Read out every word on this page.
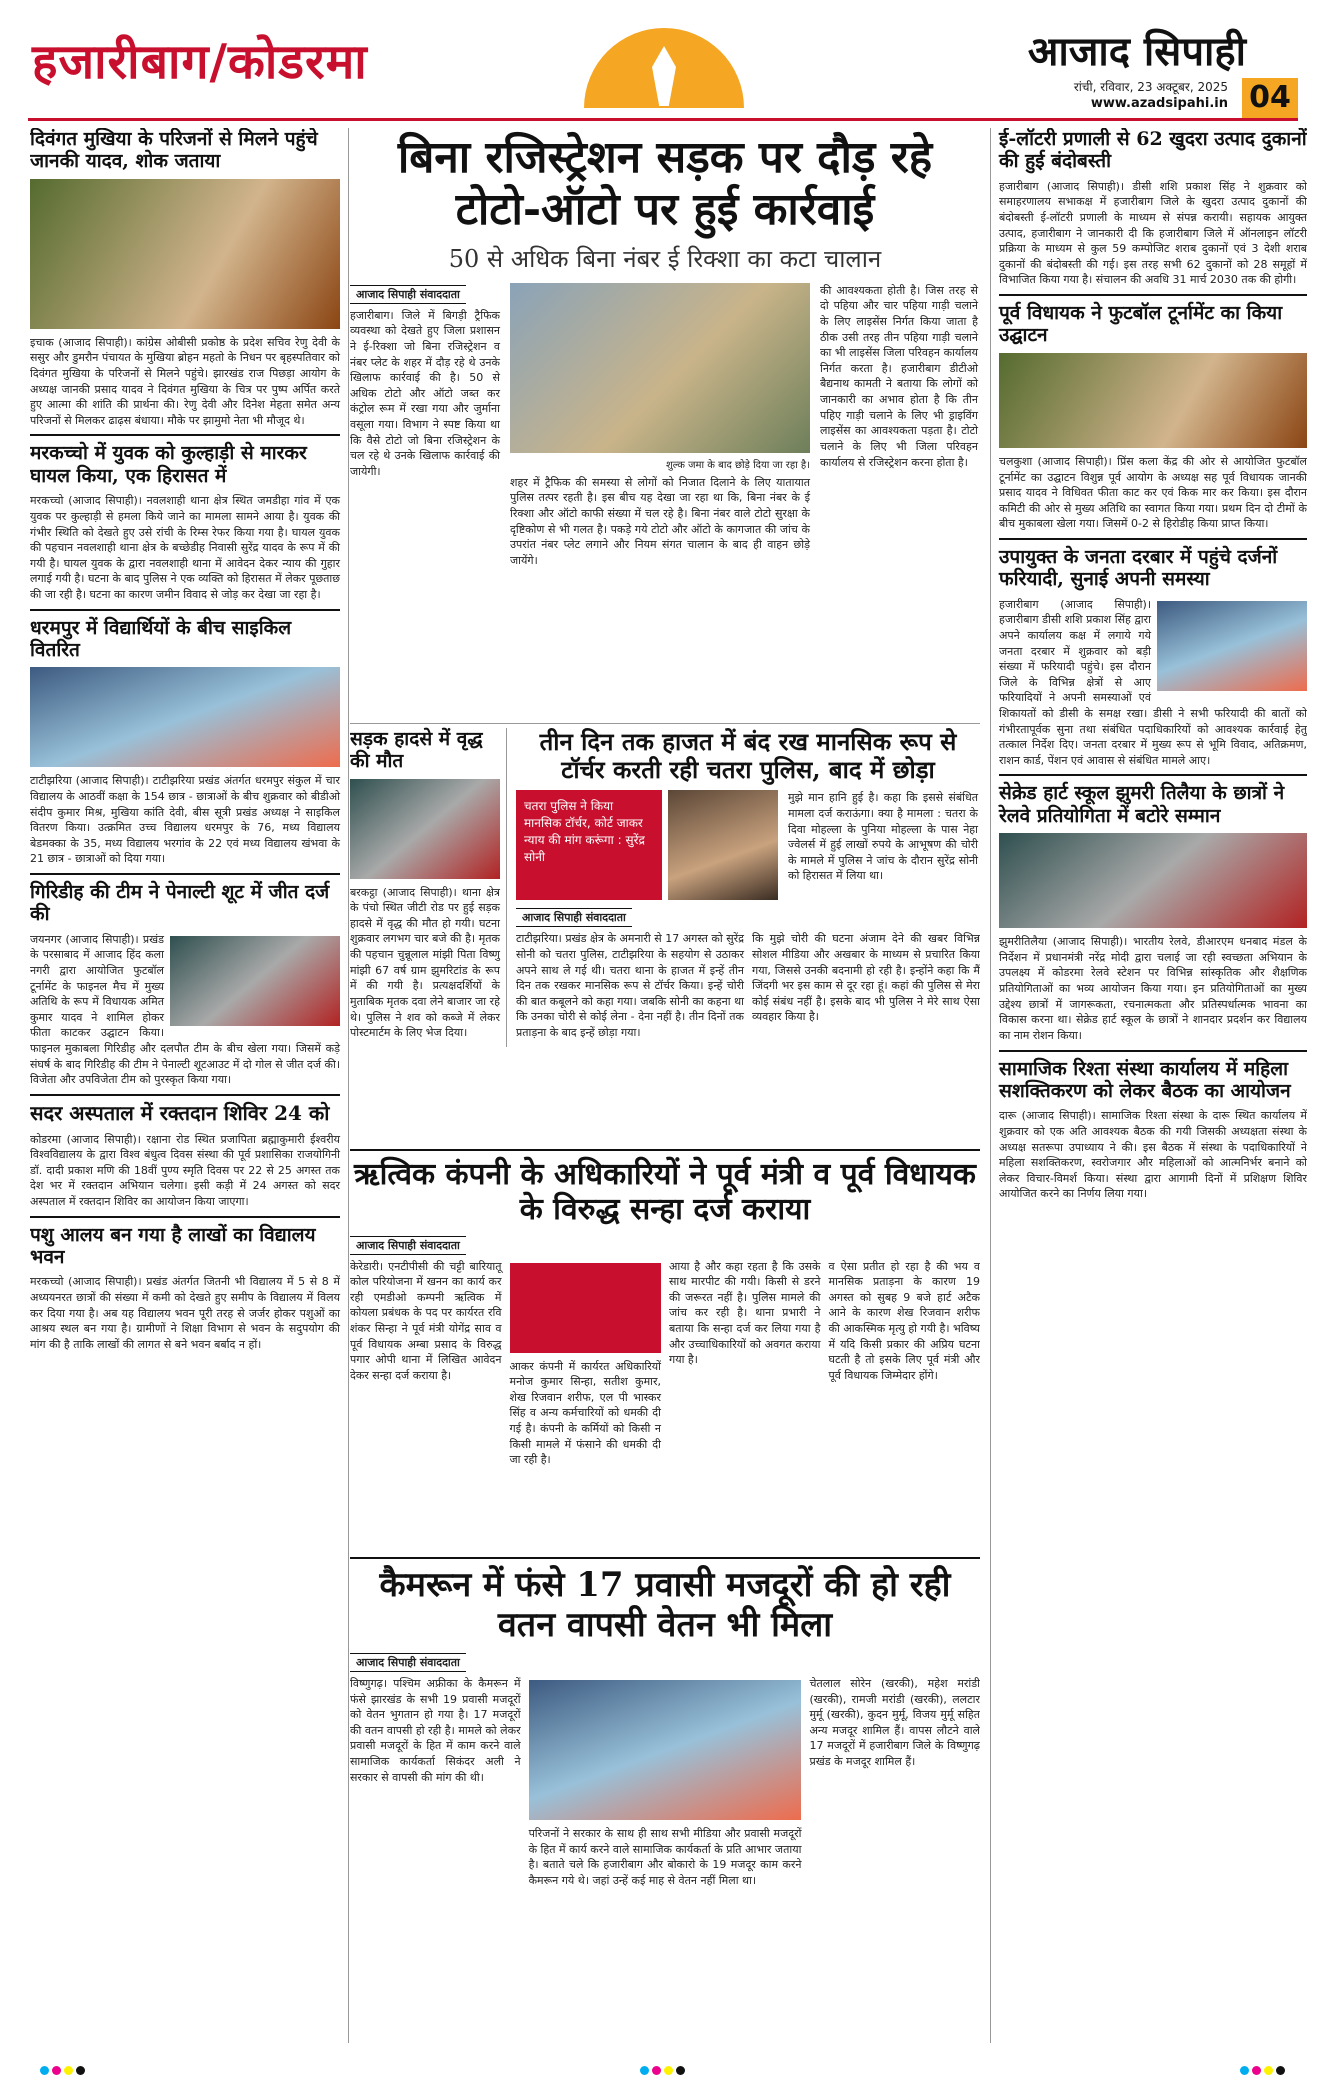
हजारीबाग/कोडरमा	आजाद सिपाही
रांची, रविवार, 23 अक्टूबर, 2025
www.azadsipahi.in 04
दिवंगत मुखिया के परिजनों से मिलने पहुंचे जानकी यादव, शोक जताया
इचाक (आजाद सिपाही)। कांग्रेस ओबीसी प्रकोष्ठ के प्रदेश सचिव रेणु देवी के ससुर और डुमरौन पंचायत के मुखिया ब्रोहन महतो के निधन पर बृहस्पतिवार को दिवंगत मुखिया के परिजनों से मिलने पहुंचे। झारखंड राज पिछड़ा आयोग के अध्यक्ष जानकी प्रसाद यादव ने दिवंगत मुखिया के चित्र पर पुष्प अर्पित करते हुए आत्मा की शांति की प्रार्थना की। रेणु देवी और दिनेश मेहता समेत अन्य परिजनों से मिलकर ढाढ़स बंधाया। मौके पर झामुमो नेता भी मौजूद थे।
मरकच्चो में युवक को कुल्हाड़ी से मारकर घायल किया, एक हिरासत में
मरकच्चो (आजाद सिपाही)। नवलशाही थाना क्षेत्र स्थित जमडीहा गांव में एक युवक पर कुल्हाड़ी से हमला किये जाने का मामला सामने आया है। युवक की गंभीर स्थिति को देखते हुए उसे रांची के रिम्स रेफर किया गया है। घायल युवक की पहचान नवलशाही थाना क्षेत्र के बच्छेडीह निवासी सुरेंद्र यादव के रूप में की गयी है। घायल युवक के द्वारा नवलशाही थाना में आवेदन देकर न्याय की गुहार लगाई गयी है। घटना के बाद पुलिस ने एक व्यक्ति को हिरासत में लेकर पूछताछ की जा रही है। घटना का कारण जमीन विवाद से जोड़ कर देखा जा रहा है।
धरमपुर में विद्यार्थियों के बीच साइकिल वितरित
टाटीझरिया (आजाद सिपाही)। टाटीझरिया प्रखंड अंतर्गत धरमपुर संकुल में चार विद्यालय के आठवीं कक्षा के 154 छात्र - छात्राओं के बीच शुक्रवार को बीडीओ संदीप कुमार मिश्र, मुखिया कांति देवी, बीस सूत्री प्रखंड अध्यक्ष ने साइकिल वितरण किया। उत्क्रमित उच्च विद्यालय धरमपुर के 76, मध्य विद्यालय बेडमक्का के 35, मध्य विद्यालय भरगांव के 22 एवं मध्य विद्यालय खंभवा के 21 छात्र - छात्राओं को दिया गया।
गिरिडीह की टीम ने पेनाल्टी शूट में जीत दर्ज की
जयनगर (आजाद सिपाही)। प्रखंड के परसाबाद में आजाद हिंद कला नगरी द्वारा आयोजित फुटबॉल टूर्नामेंट के फाइनल मैच में मुख्य अतिथि के रूप में विधायक अमित कुमार यादव ने शामिल होकर फीता काटकर उद्घाटन किया। फाइनल मुकाबला गिरिडीह और दलपौत टीम के बीच खेला गया। जिसमें कड़े संघर्ष के बाद गिरिडीह की टीम ने पेनाल्टी शूटआउट में दो गोल से जीत दर्ज की। विजेता और उपविजेता टीम को पुरस्कृत किया गया।
सदर अस्पताल में रक्तदान शिविर 24 को
कोडरमा (आजाद सिपाही)। रक्षाना रोड स्थित प्रजापिता ब्रह्माकुमारी ईश्वरीय विश्वविद्यालय के द्वारा विश्व बंधुत्व दिवस संस्था की पूर्व प्रशासिका राजयोगिनी डॉ. दादी प्रकाश मणि की 18वीं पुण्य स्मृति दिवस पर 22 से 25 अगस्त तक देश भर में रक्तदान अभियान चलेगा। इसी कड़ी में 24 अगस्त को सदर अस्पताल में रक्तदान शिविर का आयोजन किया जाएगा।
पशु आलय बन गया है लाखों का विद्यालय भवन
मरकच्चो (आजाद सिपाही)। प्रखंड अंतर्गत जितनी भी विद्यालय में 5 से 8 में अध्ययनरत छात्रों की संख्या में कमी को देखते हुए समीप के विद्यालय में विलय कर दिया गया है। अब यह विद्यालय भवन पूरी तरह से जर्जर होकर पशुओं का आश्रय स्थल बन गया है। ग्रामीणों ने शिक्षा विभाग से भवन के सदुपयोग की मांग की है ताकि लाखों की लागत से बने भवन बर्बाद न हों।
बिना रजिस्ट्रेशन सड़क पर दौड़ रहे टोटो-ऑटो पर हुई कार्रवाई
50 से अधिक बिना नंबर ई रिक्शा का कटा चालान
आजाद सिपाही संवाददाता
हजारीबाग। जिले में बिगड़ी ट्रैफिक व्यवस्था को देखते हुए जिला प्रशासन ने ई-रिक्शा जो बिना रजिस्ट्रेशन व नंबर प्लेट के शहर में दौड़ रहे थे उनके खिलाफ कार्रवाई की है। 50 से अधिक टोटो और ऑटो जब्त कर कंट्रोल रूम में रखा गया और जुर्माना वसूला गया। विभाग ने स्पष्ट किया था कि वैसे टोटो जो बिना रजिस्ट्रेशन के चल रहे थे उनके खिलाफ कार्रवाई की जायेगी।	शुल्क जमा के बाद छोड़े दिया जा रहा है।
शहर में ट्रैफिक की समस्या से लोगों को निजात दिलाने के लिए यातायात पुलिस तत्पर रहती है। इस बीच यह देखा जा रहा था कि, बिना नंबर के ई रिक्शा और ऑटो काफी संख्या में चल रहे है। बिना नंबर वाले टोटो सुरक्षा के दृष्टिकोण से भी गलत है। पकड़े गये टोटो और ऑटो के कागजात की जांच के उपरांत नंबर प्लेट लगाने और नियम संगत चालान के बाद ही वाहन छोड़े जायेंगे।
की आवश्यकता होती है। जिस तरह से दो पहिया और चार पहिया गाड़ी चलाने के लिए लाइसेंस निर्गत किया जाता है ठीक उसी तरह तीन पहिया गाड़ी चलाने का भी लाइसेंस जिला परिवहन कार्यालय निर्गत करता है। हजारीबाग डीटीओ बैद्यनाथ कामती ने बताया कि लोगों को जानकारी का अभाव होता है कि तीन पहिए गाड़ी चलाने के लिए भी ड्राइविंग लाइसेंस का आवश्यकता पड़ता है। टोटो चलाने के लिए भी जिला परिवहन कार्यालय से रजिस्ट्रेशन करना होता है।
सड़क हादसे में वृद्ध की मौत
बरकट्ठा (आजाद सिपाही)। थाना क्षेत्र के पंचो स्थित जीटी रोड पर हुई सड़क हादसे में वृद्ध की मौत हो गयी। घटना शुक्रवार लगभग चार बजे की है। मृतक की पहचान चुन्नूलाल मांझी पिता विष्णु मांझी 67 वर्ष ग्राम झुमरिटांड के रूप में की गयी है। प्रत्यक्षदर्शियों के मुताबिक मृतक दवा लेने बाजार जा रहे थे। पुलिस ने शव को कब्जे में लेकर पोस्टमार्टम के लिए भेज दिया।
तीन दिन तक हाजत में बंद रख मानसिक रूप से टॉर्चर करती रही चतरा पुलिस, बाद में छोड़ा
चतरा पुलिस ने किया मानसिक टॉर्चर, कोर्ट जाकर न्याय की मांग करूंगा : सुरेंद्र सोनी
मुझे मान हानि हुई है। कहा कि इससे संबंधित मामला दर्ज कराऊंगा। क्या है मामला : चतरा के दिवा मोहल्ला के पुनिया मोहल्ला के पास नेहा ज्वेलर्स में हुई लाखों रुपये के आभूषण की चोरी के मामले में पुलिस ने जांच के दौरान सुरेंद्र सोनी को हिरासत में लिया था।
आजाद सिपाही संवाददाता
टाटीझरिया। प्रखंड क्षेत्र के अमनारी से 17 अगस्त को सुरेंद्र सोनी को चतरा पुलिस, टाटीझरिया के सहयोग से उठाकर अपने साथ ले गई थी। चतरा थाना के हाजत में इन्हें तीन दिन तक रखकर मानसिक रूप से टॉर्चर किया। इन्हें चोरी की बात कबूलने को कहा गया। जबकि सोनी का कहना था कि उनका चोरी से कोई लेना - देना नहीं है। तीन दिनों तक प्रताड़ना के बाद इन्हें छोड़ा गया।
कि मुझे चोरी की घटना अंजाम देने की खबर विभिन्न सोशल मीडिया और अखबार के माध्यम से प्रचारित किया गया, जिससे उनकी बदनामी हो रही है। इन्होंने कहा कि मैं जिंदगी भर इस काम से दूर रहा हूं। कहां की पुलिस से मेरा कोई संबंध नहीं है। इसके बाद भी पुलिस ने मेरे साथ ऐसा व्यवहार किया है।
ऋत्विक कंपनी के अधिकारियों ने पूर्व मंत्री व पूर्व विधायक के विरुद्ध सन्हा दर्ज कराया
आजाद सिपाही संवाददाता
केरेडारी। एनटीपीसी की चट्टी बारियातू कोल परियोजना में खनन का कार्य कर रही एमडीओ कम्पनी ऋत्विक में कोयला प्रबंधक के पद पर कार्यरत रवि शंकर सिन्हा ने पूर्व मंत्री योगेंद्र साव व पूर्व विधायक अम्बा प्रसाद के विरुद्ध पगार ओपी थाना में लिखित आवेदन देकर सन्हा दर्ज कराया है।
आकर कंपनी में कार्यरत अधिकारियों मनोज कुमार सिन्हा, सतीश कुमार, शेख रिजवान शरीफ, एल पी भास्कर सिंह व अन्य कर्मचारियों को धमकी दी गई है। कंपनी के कर्मियों को किसी न किसी मामले में फंसाने की धमकी दी जा रही है।
आया है और कहा रहता है कि उसके साथ मारपीट की गयी। किसी से डरने की जरूरत नहीं है। पुलिस मामले की जांच कर रही है। थाना प्रभारी ने बताया कि सन्हा दर्ज कर लिया गया है और उच्चाधिकारियों को अवगत कराया गया है।
व ऐसा प्रतीत हो रहा है की भय व मानसिक प्रताड़ना के कारण 19 अगस्त को सुबह 9 बजे हार्ट अटैक आने के कारण शेख रिजवान शरीफ की आकस्मिक मृत्यु हो गयी है। भविष्य में यदि किसी प्रकार की अप्रिय घटना घटती है तो इसके लिए पूर्व मंत्री और पूर्व विधायक जिम्मेदार होंगे।
कैमरून में फंसे 17 प्रवासी मजदूरों की हो रही वतन वापसी वेतन भी मिला
आजाद सिपाही संवाददाता
विष्णुगढ़। पश्चिम अफ्रीका के कैमरून में फंसे झारखंड के सभी 19 प्रवासी मजदूरों को वेतन भुगतान हो गया है। 17 मजदूरों की वतन वापसी हो रही है। मामले को लेकर प्रवासी मजदूरों के हित में काम करने वाले सामाजिक कार्यकर्ता सिकंदर अली ने सरकार से वापसी की मांग की थी।
परिजनों ने सरकार के साथ ही साथ सभी मीडिया और प्रवासी मजदूरों के हित में कार्य करने वाले सामाजिक कार्यकर्ता के प्रति आभार जताया है। बताते चले कि हजारीबाग और बोकारो के 19 मजदूर काम करने कैमरून गये थे। जहां उन्हें कई माह से वेतन नहीं मिला था।
चेतलाल सोरेन (खरकी), महेश मरांडी (खरकी), रामजी मरांडी (खरकी), ललटार मुर्मू (खरकी), कुदन मुर्मू, विजय मुर्मू सहित अन्य मजदूर शामिल हैं। वापस लौटने वाले 17 मजदूरों में हजारीबाग जिले के विष्णुगढ़ प्रखंड के मजदूर शामिल हैं।
ई-लॉटरी प्रणाली से 62 खुदरा उत्पाद दुकानों की हुई बंदोबस्ती
हजारीबाग (आजाद सिपाही)। डीसी शशि प्रकाश सिंह ने शुक्रवार को समाहरणालय सभाकक्ष में हजारीबाग जिले के खुदरा उत्पाद दुकानों की बंदोबस्ती ई-लॉटरी प्रणाली के माध्यम से संपन्न करायी। सहायक आयुक्त उत्पाद, हजारीबाग ने जानकारी दी कि हजारीबाग जिले में ऑनलाइन लॉटरी प्रक्रिया के माध्यम से कुल 59 कम्पोजिट शराब दुकानों एवं 3 देशी शराब दुकानों की बंदोबस्ती की गई। इस तरह सभी 62 दुकानों को 28 समूहों में विभाजित किया गया है। संचालन की अवधि 31 मार्च 2030 तक की होगी।
पूर्व विधायक ने फुटबॉल टूर्नामेंट का किया उद्घाटन
चलकुशा (आजाद सिपाही)। प्रिंस कला केंद्र की ओर से आयोजित फुटबॉल टूर्नामेंट का उद्घाटन विशुन्न पूर्व आयोग के अध्यक्ष सह पूर्व विधायक जानकी प्रसाद यादव ने विधिवत फीता काट कर एवं किक मार कर किया। इस दौरान कमिटी की ओर से मुख्य अतिथि का स्वागत किया गया। प्रथम दिन दो टीमों के बीच मुकाबला खेला गया। जिसमें 0-2 से हिरोडीह किया प्राप्त किया।
उपायुक्त के जनता दरबार में पहुंचे दर्जनों फरियादी, सुनाई अपनी समस्या
हजारीबाग (आजाद सिपाही)। हजारीबाग डीसी शशि प्रकाश सिंह द्वारा अपने कार्यालय कक्ष में लगाये गये जनता दरबार में शुक्रवार को बड़ी संख्या में फरियादी पहुंचे। इस दौरान जिले के विभिन्न क्षेत्रों से आए फरियादियों ने अपनी समस्याओं एवं शिकायतों को डीसी के समक्ष रखा। डीसी ने सभी फरियादी की बातों को गंभीरतापूर्वक सुना तथा संबंधित पदाधिकारियों को आवश्यक कार्रवाई हेतु तत्काल निर्देश दिए। जनता दरबार में मुख्य रूप से भूमि विवाद, अतिक्रमण, राशन कार्ड, पेंशन एवं आवास से संबंधित मामले आए।
सेक्रेड हार्ट स्कूल झुमरी तिलैया के छात्रों ने रेलवे प्रतियोगिता में बटोरे सम्मान
झुमरीतिलैया (आजाद सिपाही)। भारतीय रेलवे, डीआरएम धनबाद मंडल के निर्देशन में प्रधानमंत्री नरेंद्र मोदी द्वारा चलाई जा रही स्वच्छता अभियान के उपलक्ष्य में कोडरमा रेलवे स्टेशन पर विभिन्न सांस्कृतिक और शैक्षणिक प्रतियोगिताओं का भव्य आयोजन किया गया। इन प्रतियोगिताओं का मुख्य उद्देश्य छात्रों में जागरूकता, रचनात्मकता और प्रतिस्पर्धात्मक भावना का विकास करना था। सेक्रेड हार्ट स्कूल के छात्रों ने शानदार प्रदर्शन कर विद्यालय का नाम रोशन किया।
सामाजिक रिश्ता संस्था कार्यालय में महिला सशक्तिकरण को लेकर बैठक का आयोजन
दारू (आजाद सिपाही)। सामाजिक रिश्ता संस्था के दारू स्थित कार्यालय में शुक्रवार को एक अति आवश्यक बैठक की गयी जिसकी अध्यक्षता संस्था के अध्यक्ष सतरूपा उपाध्याय ने की। इस बैठक में संस्था के पदाधिकारियों ने महिला सशक्तिकरण, स्वरोजगार और महिलाओं को आत्मनिर्भर बनाने को लेकर विचार-विमर्श किया। संस्था द्वारा आगामी दिनों में प्रशिक्षण शिविर आयोजित करने का निर्णय लिया गया।
